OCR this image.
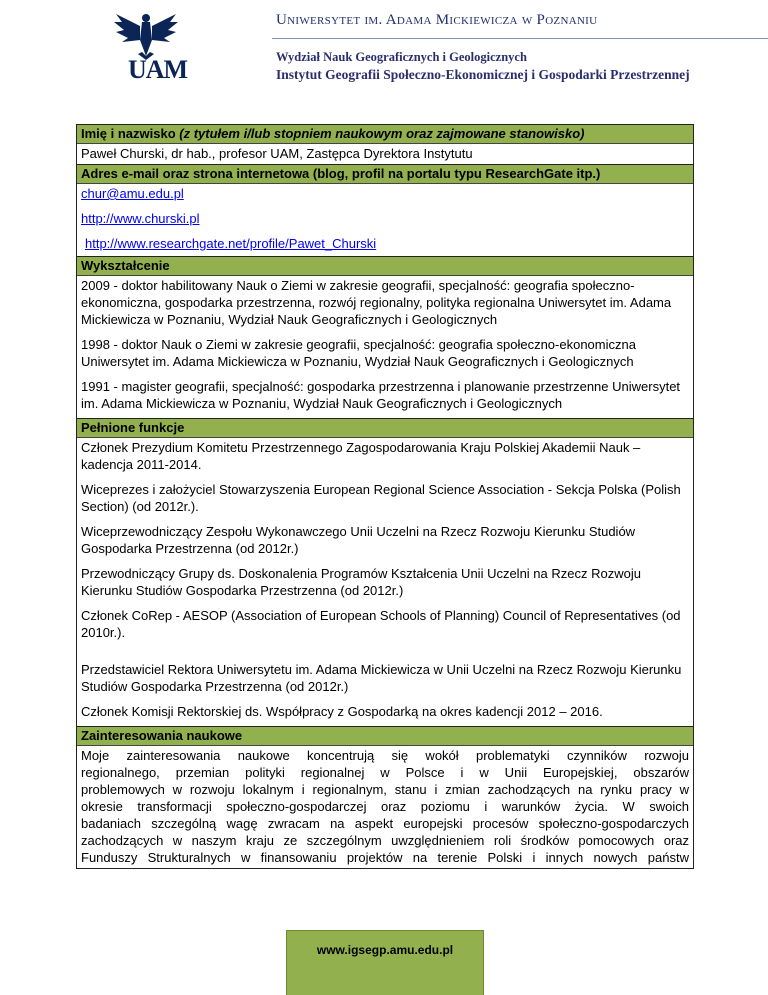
UAM
Uniwersytet im. Adama Mickiewicza w Poznaniu
Wydział Nauk Geograficznych i Geologicznych
Instytut Geografii Społeczno-Ekonomicznej i Gospodarki Przestrzennej
Imię i nazwisko (z tytułem i/lub stopniem naukowym oraz zajmowane stanowisko)
Paweł Churski, dr hab., profesor UAM, Zastępca Dyrektora Instytutu
Adres e-mail oraz strona internetowa (blog, profil na portalu typu ResearchGate itp.)
chur@amu.edu.pl
http://www.churski.pl
http://www.researchgate.net/profile/Pawet_Churski
Wykształcenie
2009 - doktor habilitowany Nauk o Ziemi w zakresie geografii, specjalność: geografia społeczno-ekonomiczna, gospodarka przestrzenna, rozwój regionalny, polityka regionalna Uniwersytet im. Adama Mickiewicza w Poznaniu, Wydział Nauk Geograficznych i Geologicznych
1998 - doktor Nauk o Ziemi w zakresie geografii, specjalność: geografia społeczno-ekonomiczna Uniwersytet im. Adama Mickiewicza w Poznaniu, Wydział Nauk Geograficznych i Geologicznych
1991 - magister geografii, specjalność: gospodarka przestrzenna i planowanie przestrzenne Uniwersytet im. Adama Mickiewicza w Poznaniu, Wydział Nauk Geograficznych i Geologicznych
Pełnione funkcje
Członek Prezydium Komitetu Przestrzennego Zagospodarowania Kraju Polskiej Akademii Nauk – kadencja 2011-2014.
Wiceprezes i założyciel Stowarzyszenia European Regional Science Association - Sekcja Polska (Polish Section) (od 2012r.).
Wiceprzewodniczący Zespołu Wykonawczego Unii Uczelni na Rzecz Rozwoju Kierunku Studiów Gospodarka Przestrzenna (od 2012r.)
Przewodniczący Grupy ds. Doskonalenia Programów Kształcenia Unii Uczelni na Rzecz Rozwoju Kierunku Studiów Gospodarka Przestrzenna (od 2012r.)
Członek CoRep - AESOP (Association of European Schools of Planning) Council of Representatives (od 2010r.).
Przedstawiciel Rektora Uniwersytetu im. Adama Mickiewicza w Unii Uczelni na Rzecz Rozwoju Kierunku Studiów Gospodarka Przestrzenna (od 2012r.)
Członek Komisji Rektorskiej ds. Współpracy z Gospodarką na okres kadencji 2012 – 2016.
Zainteresowania naukowe
Moje zainteresowania naukowe koncentrują się wokół problematyki czynników rozwoju
regionalnego, przemian polityki regionalnej w Polsce i w Unii Europejskiej, obszarów
problemowych w rozwoju lokalnym i regionalnym, stanu i zmian zachodzących na rynku pracy w
okresie transformacji społeczno-gospodarczej oraz poziomu i warunków życia. W swoich
badaniach szczególną wagę zwracam na aspekt europejski procesów społeczno-gospodarczych
zachodzących w naszym kraju ze szczególnym uwzględnieniem roli środków pomocowych oraz
Funduszy Strukturalnych w finansowaniu projektów na terenie Polski i innych nowych państw
www.igsegp.amu.edu.pl
